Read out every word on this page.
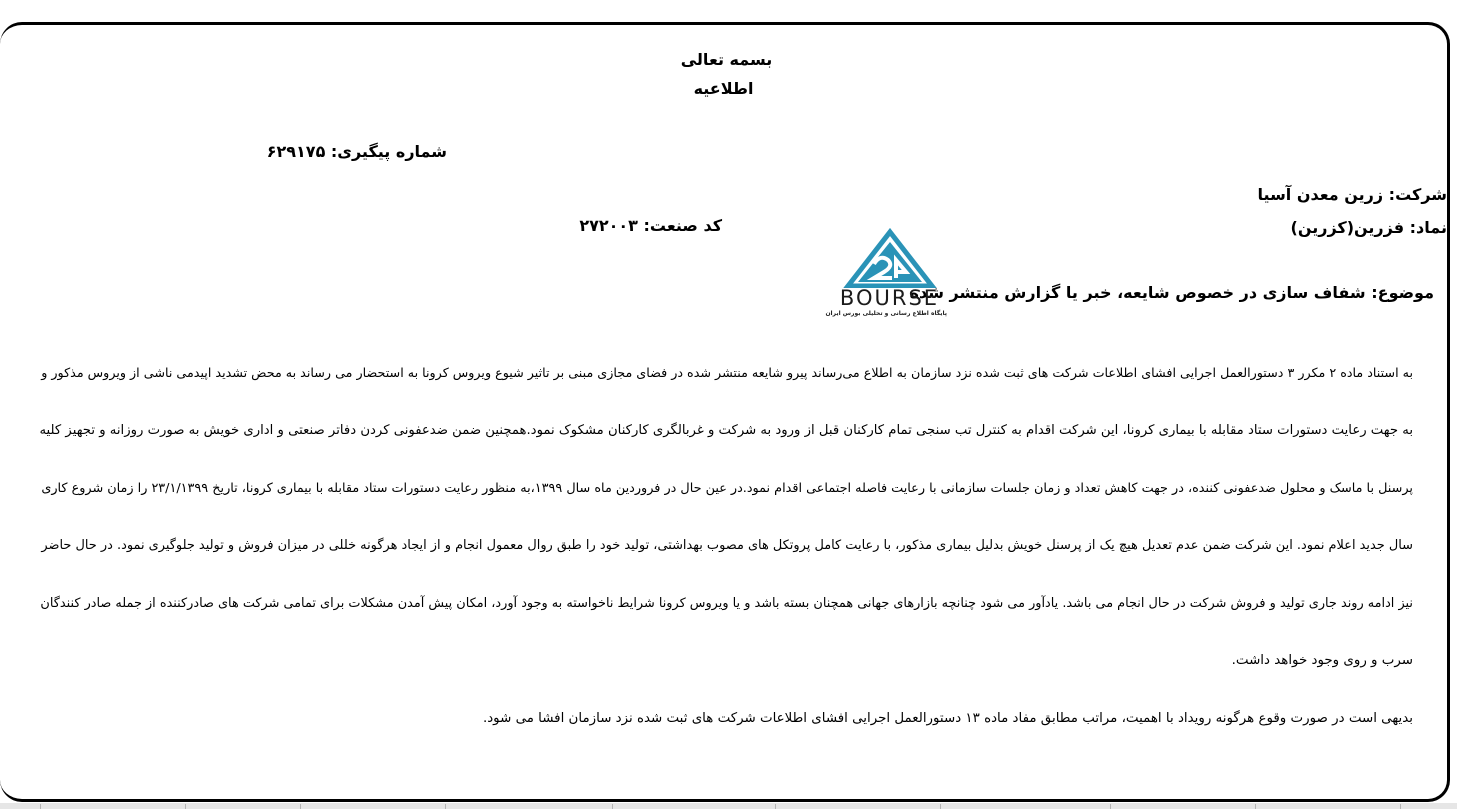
بسمه تعالی
اطلاعیه
شماره پیگیری: ۶۲۹۱۷۵
شرکت: زرین معدن آسیا
نماد: فزرین(کزرین)
کد صنعت: ۲۷۲۰۰۳
موضوع: شفاف سازی در خصوص شایعه، خبر یا گزارش منتشر شده
BOURSE
پایگاه اطلاع رسانی و تحلیلی بورس ایران
به استناد ماده ۲ مکرر ۳ دستورالعمل اجرایی افشای اطلاعات شرکت های ثبت شده نزد سازمان به اطلاع می‌رساند پیرو شایعه منتشر شده در فضای مجازی مبنی بر تاثیر شیوع ویروس کرونا به استحضار می رساند به محض تشدید اپیدمی ناشی از ویروس مذکور و
به جهت رعایت دستورات ستاد مقابله با بیماری کرونا، این شرکت اقدام به کنترل تب سنجی تمام کارکنان قبل از ورود به شرکت و غربالگری کارکنان مشکوک نمود.همچنین ضمن ضدعفونی کردن دفاتر صنعتی و اداری خویش به صورت روزانه و تجهیز کلیه
پرسنل با ماسک و محلول ضدعفونی کننده، در جهت کاهش تعداد و زمان جلسات سازمانی با رعایت فاصله اجتماعی اقدام نمود.در عین حال در فروردین ماه سال ۱۳۹۹،به منظور رعایت دستورات ستاد مقابله با بیماری کرونا، تاریخ ۲۳/۱/۱۳۹۹ را زمان شروع کاری
سال جدید اعلام نمود. این شرکت ضمن عدم تعدیل هیچ یک از پرسنل خویش بدلیل بیماری مذکور، با رعایت کامل پروتکل های مصوب بهداشتی، تولید خود را طبق روال معمول انجام و از ایجاد هرگونه خللی در میزان فروش و تولید جلوگیری نمود. در حال حاضر
نیز ادامه روند جاری تولید و فروش شرکت در حال انجام می باشد. یادآور می شود چنانچه بازارهای جهانی همچنان بسته باشد و یا ویروس کرونا شرایط ناخواسته به وجود آورد، امکان پیش آمدن مشکلات برای تمامی شرکت های صادرکننده از جمله صادر کنندگان
سرب و روی وجود خواهد داشت.
بدیهی است در صورت وقوع هرگونه رویداد با اهمیت، مراتب مطابق مفاد ماده ۱۳ دستورالعمل اجرایی افشای اطلاعات شرکت های ثبت شده نزد سازمان افشا می شود.
